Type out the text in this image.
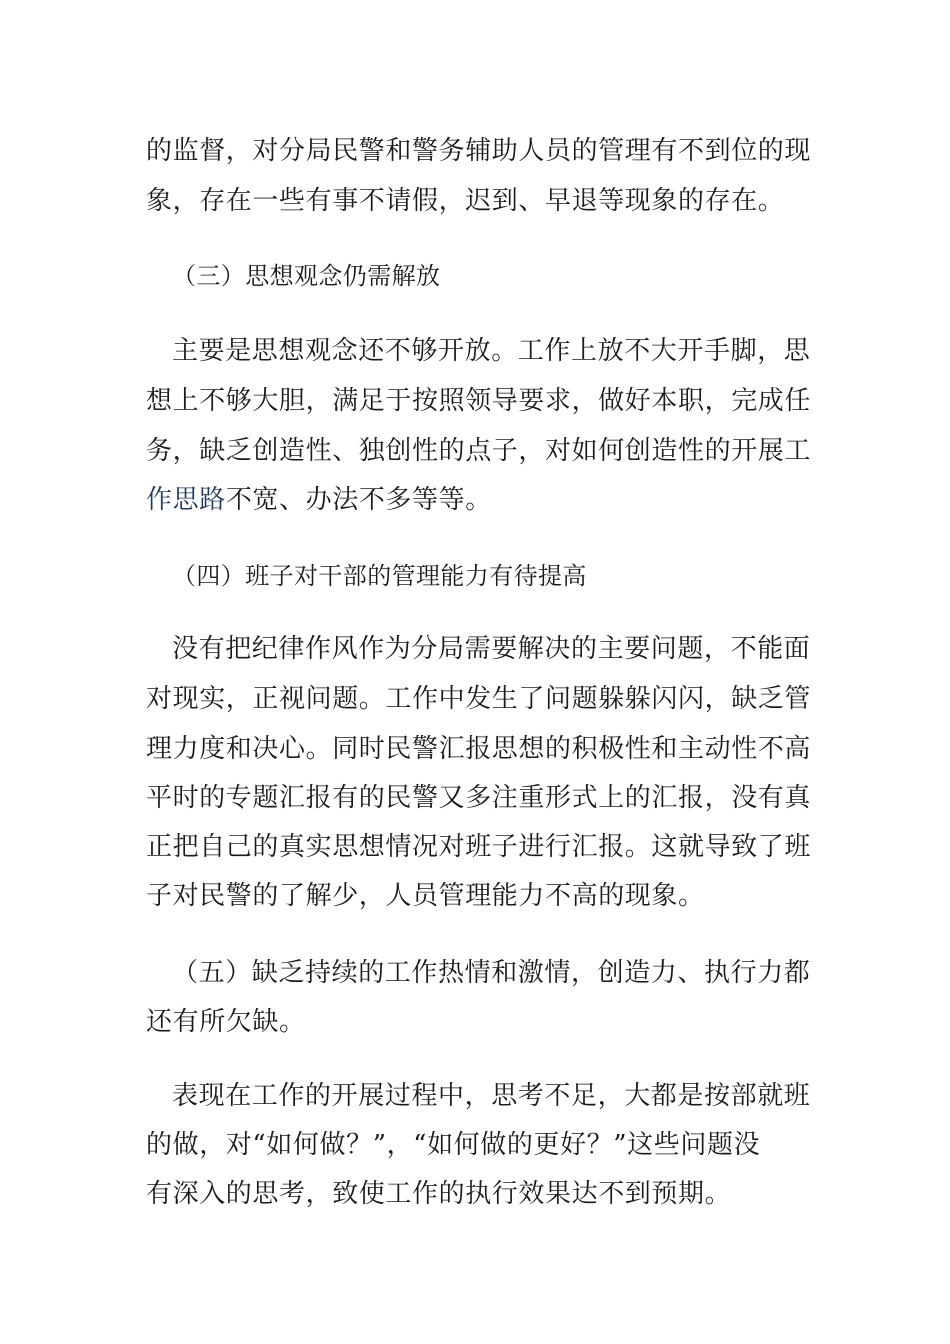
的监督，对分局民警和警务辅助人员的管理有不到位的现
象，存在一些有事不请假，迟到、早退等现象的存在。
（三）思想观念仍需解放
主要是思想观念还不够开放。工作上放不大开手脚，思
想上不够大胆，满足于按照领导要求，做好本职，完成任
务，缺乏创造性、独创性的点子，对如何创造性的开展工
作思路不宽、办法不多等等。
（四）班子对干部的管理能力有待提高
没有把纪律作风作为分局需要解决的主要问题，不能面
对现实，正视问题。工作中发生了问题躲躲闪闪，缺乏管
理力度和决心。同时民警汇报思想的积极性和主动性不高
平时的专题汇报有的民警又多注重形式上的汇报，没有真
正把自己的真实思想情况对班子进行汇报。这就导致了班
子对民警的了解少，人员管理能力不高的现象。
（五）缺乏持续的工作热情和激情，创造力、执行力都
还有所欠缺。
表现在工作的开展过程中，思考不足，大都是按部就班
的做，对“如何做？”，“如何做的更好？”这些问题没
有深入的思考，致使工作的执行效果达不到预期。
